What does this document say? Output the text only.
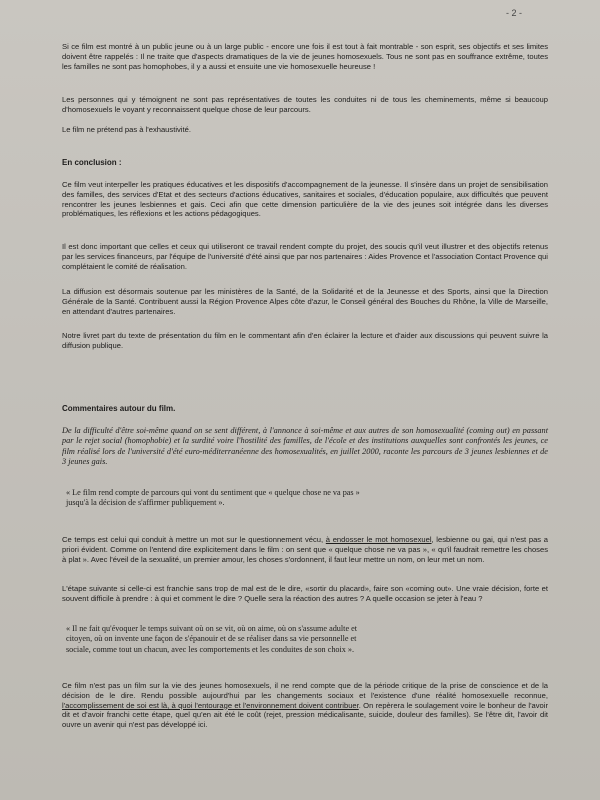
- 2 -

Si ce film est montré à un public jeune ou à un large public - encore une fois il est tout à fait montrable - son esprit, ses objectifs et ses limites doivent être rappelés : Il ne traite que d'aspects dramatiques de la vie de jeunes homosexuels. Tous ne sont pas en souffrance extrême, toutes les familles ne sont pas homophobes, il y a aussi et ensuite une vie homosexuelle heureuse !

Les personnes qui y témoignent ne sont pas représentatives de toutes les conduites ni de tous les cheminements, même si beaucoup d'homosexuels le voyant y reconnaissent quelque chose de leur parcours.

Le film ne prétend pas à l'exhaustivité.

En conclusion :

Ce film veut interpeller les pratiques éducatives et les dispositifs d'accompagnement de la jeunesse. Il s'insère dans un projet de sensibilisation des familles, des services d'Etat et des secteurs d'actions éducatives, sanitaires et sociales, d'éducation populaire, aux difficultés que peuvent rencontrer les jeunes lesbiennes et gais. Ceci afin que cette dimension particulière de la vie des jeunes soit intégrée dans les diverses problématiques, les réflexions et les actions pédagogiques.

Il est donc important que celles et ceux qui utiliseront ce travail rendent compte du projet, des soucis qu'il veut illustrer et des objectifs retenus par les services financeurs, par l'équipe de l'université d'été ainsi que par nos partenaires : Aides Provence et l'association Contact Provence qui complétaient le comité de réalisation.

La diffusion est désormais soutenue par les ministères de la Santé, de la Solidarité et de la Jeunesse et des Sports, ainsi que la Direction Générale de la Santé. Contribuent aussi la Région Provence Alpes côte d'azur, le Conseil général des Bouches du Rhône, la Ville de Marseille, en attendant d'autres partenaires.

Notre livret part du texte de présentation du film en le commentant afin d'en éclairer la lecture et d'aider aux discussions qui peuvent suivre la diffusion publique.

Commentaires autour du film.

De la difficulté d'être soi-même quand on se sent différent, à l'annonce à soi-même et aux autres de son homosexualité (coming out) en passant par le rejet social (homophobie) et la surdité voire l'hostilité des familles, de l'école et des institutions auxquelles sont confrontés les jeunes, ce film réalisé lors de l'université d'été euro-méditerranéenne des homosexualités, en juillet 2000, raconte les parcours de 3 jeunes lesbiennes et de 3 jeunes gais.

« Le film rend compte de parcours qui vont du sentiment que « quelque chose ne va pas » jusqu'à la décision de s'affirmer publiquement ».

Ce temps est celui qui conduit à mettre un mot sur le questionnement vécu, à endosser le mot homosexuel, lesbienne ou gai, qui n'est pas a priori évident. Comme on l'entend dire explicitement dans le film : on sent que « quelque chose ne va pas », « qu'il faudrait remettre les choses à plat ». Avec l'éveil de la sexualité, un premier amour, les choses s'ordonnent, il faut leur mettre un nom, on leur met un nom.

L'étape suivante si celle-ci est franchie sans trop de mal est de le dire, «sortir du placard», faire son «coming out». Une vraie décision, forte et souvent difficile à prendre : à qui et comment le dire ? Quelle sera la réaction des autres ? A quelle occasion se jeter à l'eau ?

« Il ne fait qu'évoquer le temps suivant où on se vit, où on aime, où on s'assume adulte et citoyen, où on invente une façon de s'épanouir et de se réaliser dans sa vie personnelle et sociale, comme tout un chacun, avec les comportements et les conduites de son choix ».

Ce film n'est pas un film sur la vie des jeunes homosexuels, il ne rend compte que de la période critique de la prise de conscience et de la décision de le dire. Rendu possible aujourd'hui par les changements sociaux et l'existence d'une réalité homosexuelle reconnue, l'accomplissement de soi est là, à quoi l'entourage et l'environnement doivent contribuer. On repèrera le soulagement voire le bonheur de l'avoir dit et d'avoir franchi cette étape, quel qu'en ait été le coût (rejet, pression médicalisante, suicide, douleur des familles). Se l'être dit, l'avoir dit ouvre un avenir qui n'est pas développé ici.
